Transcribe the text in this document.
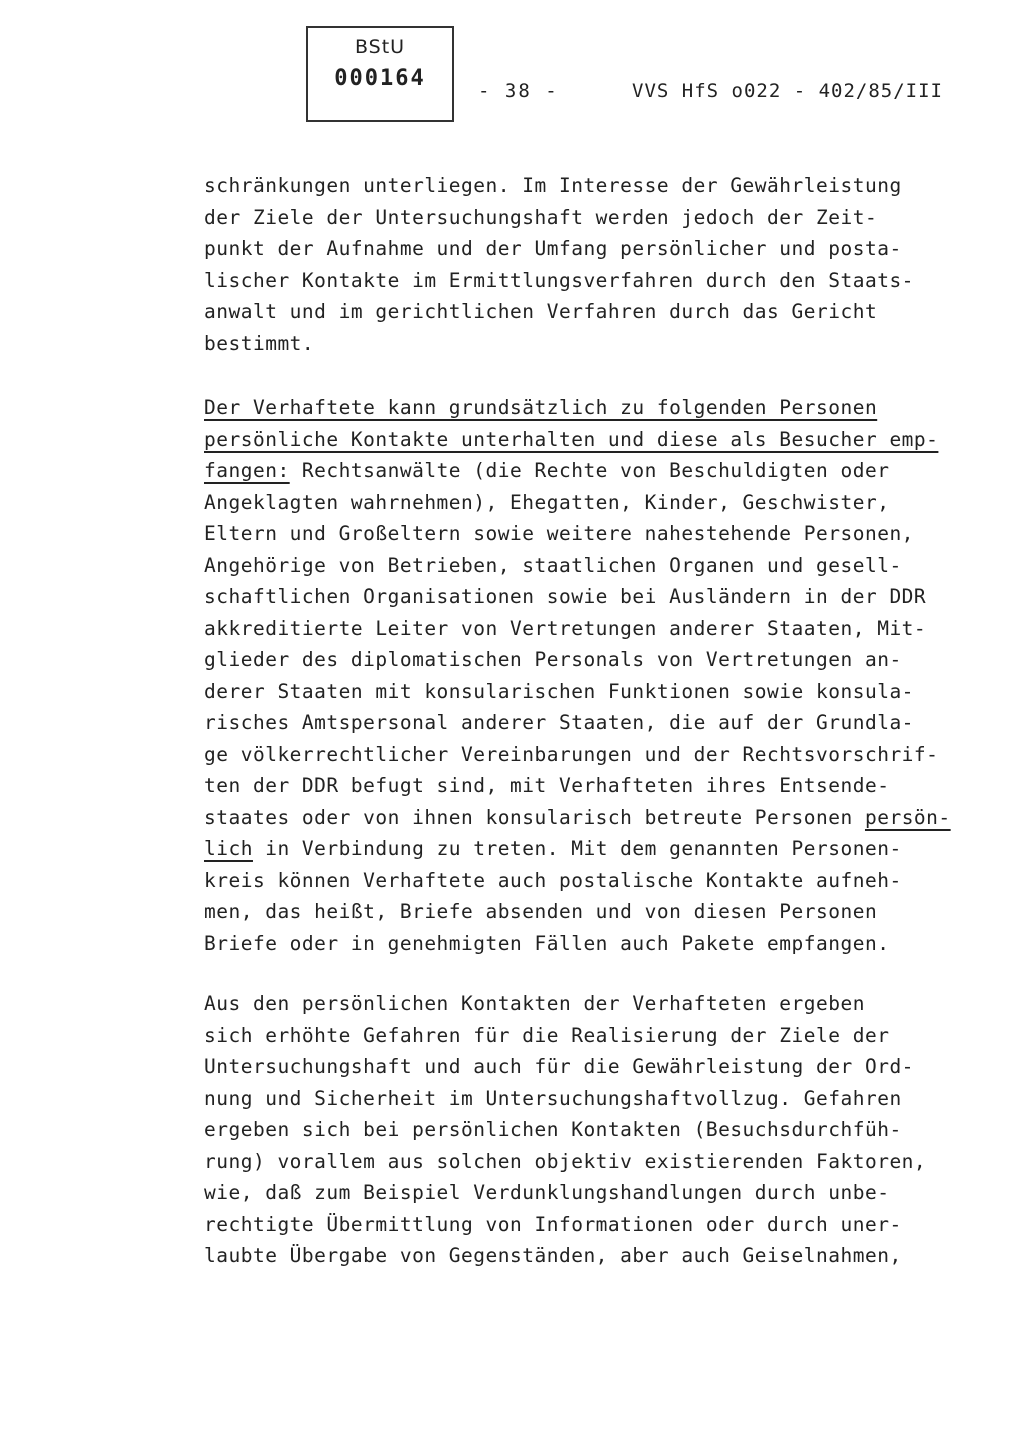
BStU
000164	- 38 -	VVS HfS o022 - 402/85/III
schränkungen unterliegen. Im Interesse der Gewährleistung
der Ziele der Untersuchungshaft werden jedoch der Zeit-
punkt der Aufnahme und der Umfang persönlicher und posta-
lischer Kontakte im Ermittlungsverfahren durch den Staats-
anwalt und im gerichtlichen Verfahren durch das Gericht
bestimmt.
Der Verhaftete kann grundsätzlich zu folgenden Personen
persönliche Kontakte unterhalten und diese als Besucher emp-
fangen: Rechtsanwälte (die Rechte von Beschuldigten oder
Angeklagten wahrnehmen), Ehegatten, Kinder, Geschwister,
Eltern und Großeltern sowie weitere nahestehende Personen,
Angehörige von Betrieben, staatlichen Organen und gesell-
schaftlichen Organisationen sowie bei Ausländern in der DDR
akkreditierte Leiter von Vertretungen anderer Staaten, Mit-
glieder des diplomatischen Personals von Vertretungen an-
derer Staaten mit konsularischen Funktionen sowie konsula-
risches Amtspersonal anderer Staaten, die auf der Grundla-
ge völkerrechtlicher Vereinbarungen und der Rechtsvorschrif-
ten der DDR befugt sind, mit Verhafteten ihres Entsende-
staates oder von ihnen konsularisch betreute Personen persön-
lich in Verbindung zu treten. Mit dem genannten Personen-
kreis können Verhaftete auch postalische Kontakte aufneh-
men, das heißt, Briefe absenden und von diesen Personen
Briefe oder in genehmigten Fällen auch Pakete empfangen.
Aus den persönlichen Kontakten der Verhafteten ergeben
sich erhöhte Gefahren für die Realisierung der Ziele der
Untersuchungshaft und auch für die Gewährleistung der Ord-
nung und Sicherheit im Untersuchungshaftvollzug. Gefahren
ergeben sich bei persönlichen Kontakten (Besuchsdurchfüh-
rung) vorallem aus solchen objektiv existierenden Faktoren,
wie, daß zum Beispiel Verdunklungshandlungen durch unbe-
rechtigte Übermittlung von Informationen oder durch uner-
laubte Übergabe von Gegenständen, aber auch Geiselnahmen,
